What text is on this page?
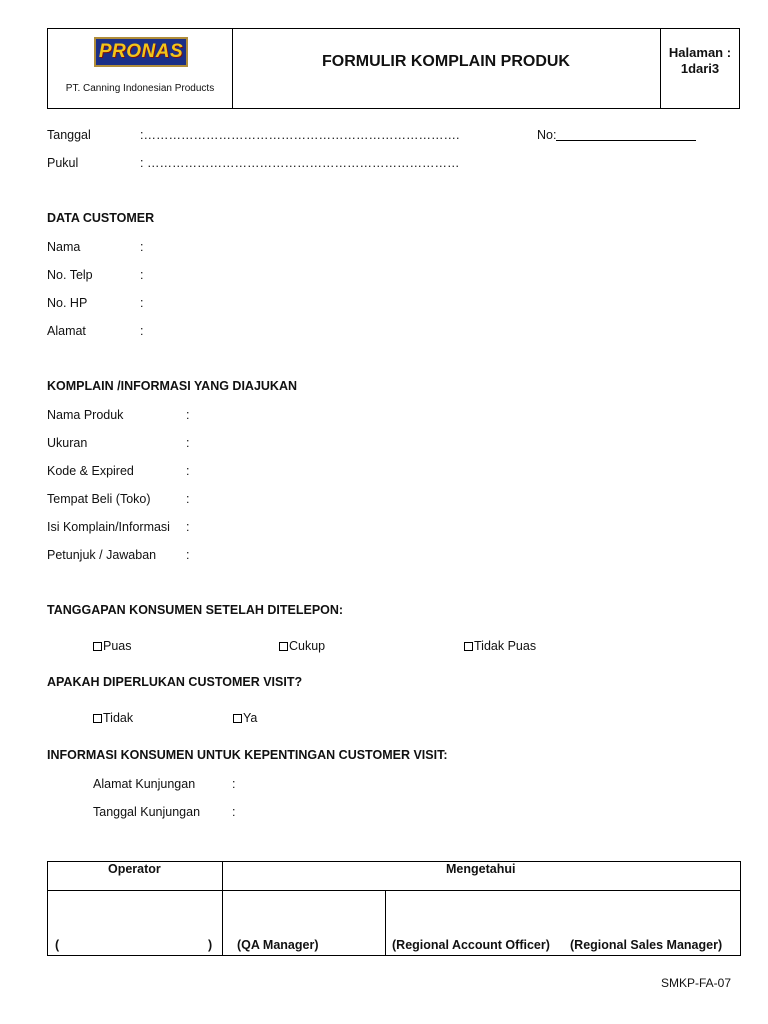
PRONAS
PT. Canning Indonesian Products
FORMULIR KOMPLAIN PRODUK
Halaman :
1dari3
Tanggal	:………………………………………………………………….	No:
Pukul	: …………………………………………………………………
DATA CUSTOMER
Nama	:
No. Telp	:
No. HP	:
Alamat	:
KOMPLAIN /INFORMASI YANG DIAJUKAN
Nama Produk	:
Ukuran	:
Kode & Expired	:
Tempat Beli (Toko)	:
Isi Komplain/Informasi :
Petunjuk / Jawaban :
TANGGAPAN KONSUMEN SETELAH DITELEPON:
Puas	Cukup	Tidak Puas
APAKAH DIPERLUKAN CUSTOMER VISIT?
Tidak	Ya
INFORMASI KONSUMEN UNTUK KEPENTINGAN CUSTOMER VISIT:
Alamat Kunjungan	:
Tanggal Kunjungan	:
Operator	Mengetahui
(	) (QA Manager)	(Regional Account Officer) (Regional Sales Manager)
SMKP-FA-07
